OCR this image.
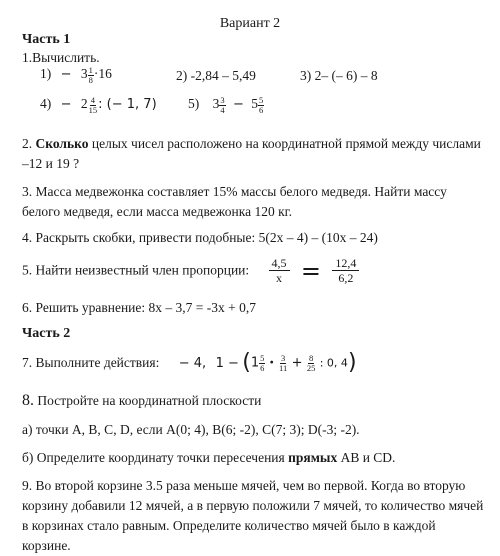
Вариант 2
Часть 1
1.Вычислить.
$1) - 3 \frac{1}{8} \cdot 16$	2) -2,84 – 5,49	3) 2– (– 6) – 8
$4) - 2 \frac{4}{15}$ : (− 1, 7) 5) $3 \frac{3}{4} - 5 \frac{5}{6}$
2. Сколько целых чисел расположено на координатной прямой между числами –12 и 19 ?
3. Масса медвежонка составляет 15% массы белого медведя. Найти массу белого медведя, если масса медвежонка 120 кг.
4. Раскрыть скобки, привести подобные: 5(2x – 4) – (10x – 24)
5. Найти неизвестный член пропорции: $\frac{4,5}{x} = \frac{12,4}{6,2}$
6. Решить уравнение: 8x – 3,7 = -3x + 0,7
Часть 2
7. Выполните действия: − 4, $1 - (1 \frac{5}{6}$ • $\frac{3}{11} + \frac{8}{25}$ : 0, 4)
8. Постройте на координатной плоскости
а) точки A, B, C, D, если A(0; 4), B(6; -2), C(7; 3); D(-3; -2).
б) Определите координату точки пересечения прямых AB и CD.
9. Во второй корзине 3.5 раза меньше мячей, чем во первой. Когда во вторую корзину добавили 12 мячей, а в первую положили 7 мячей, то количество мячей в корзинах стало равным. Определите количество мячей было в каждой корзине.
